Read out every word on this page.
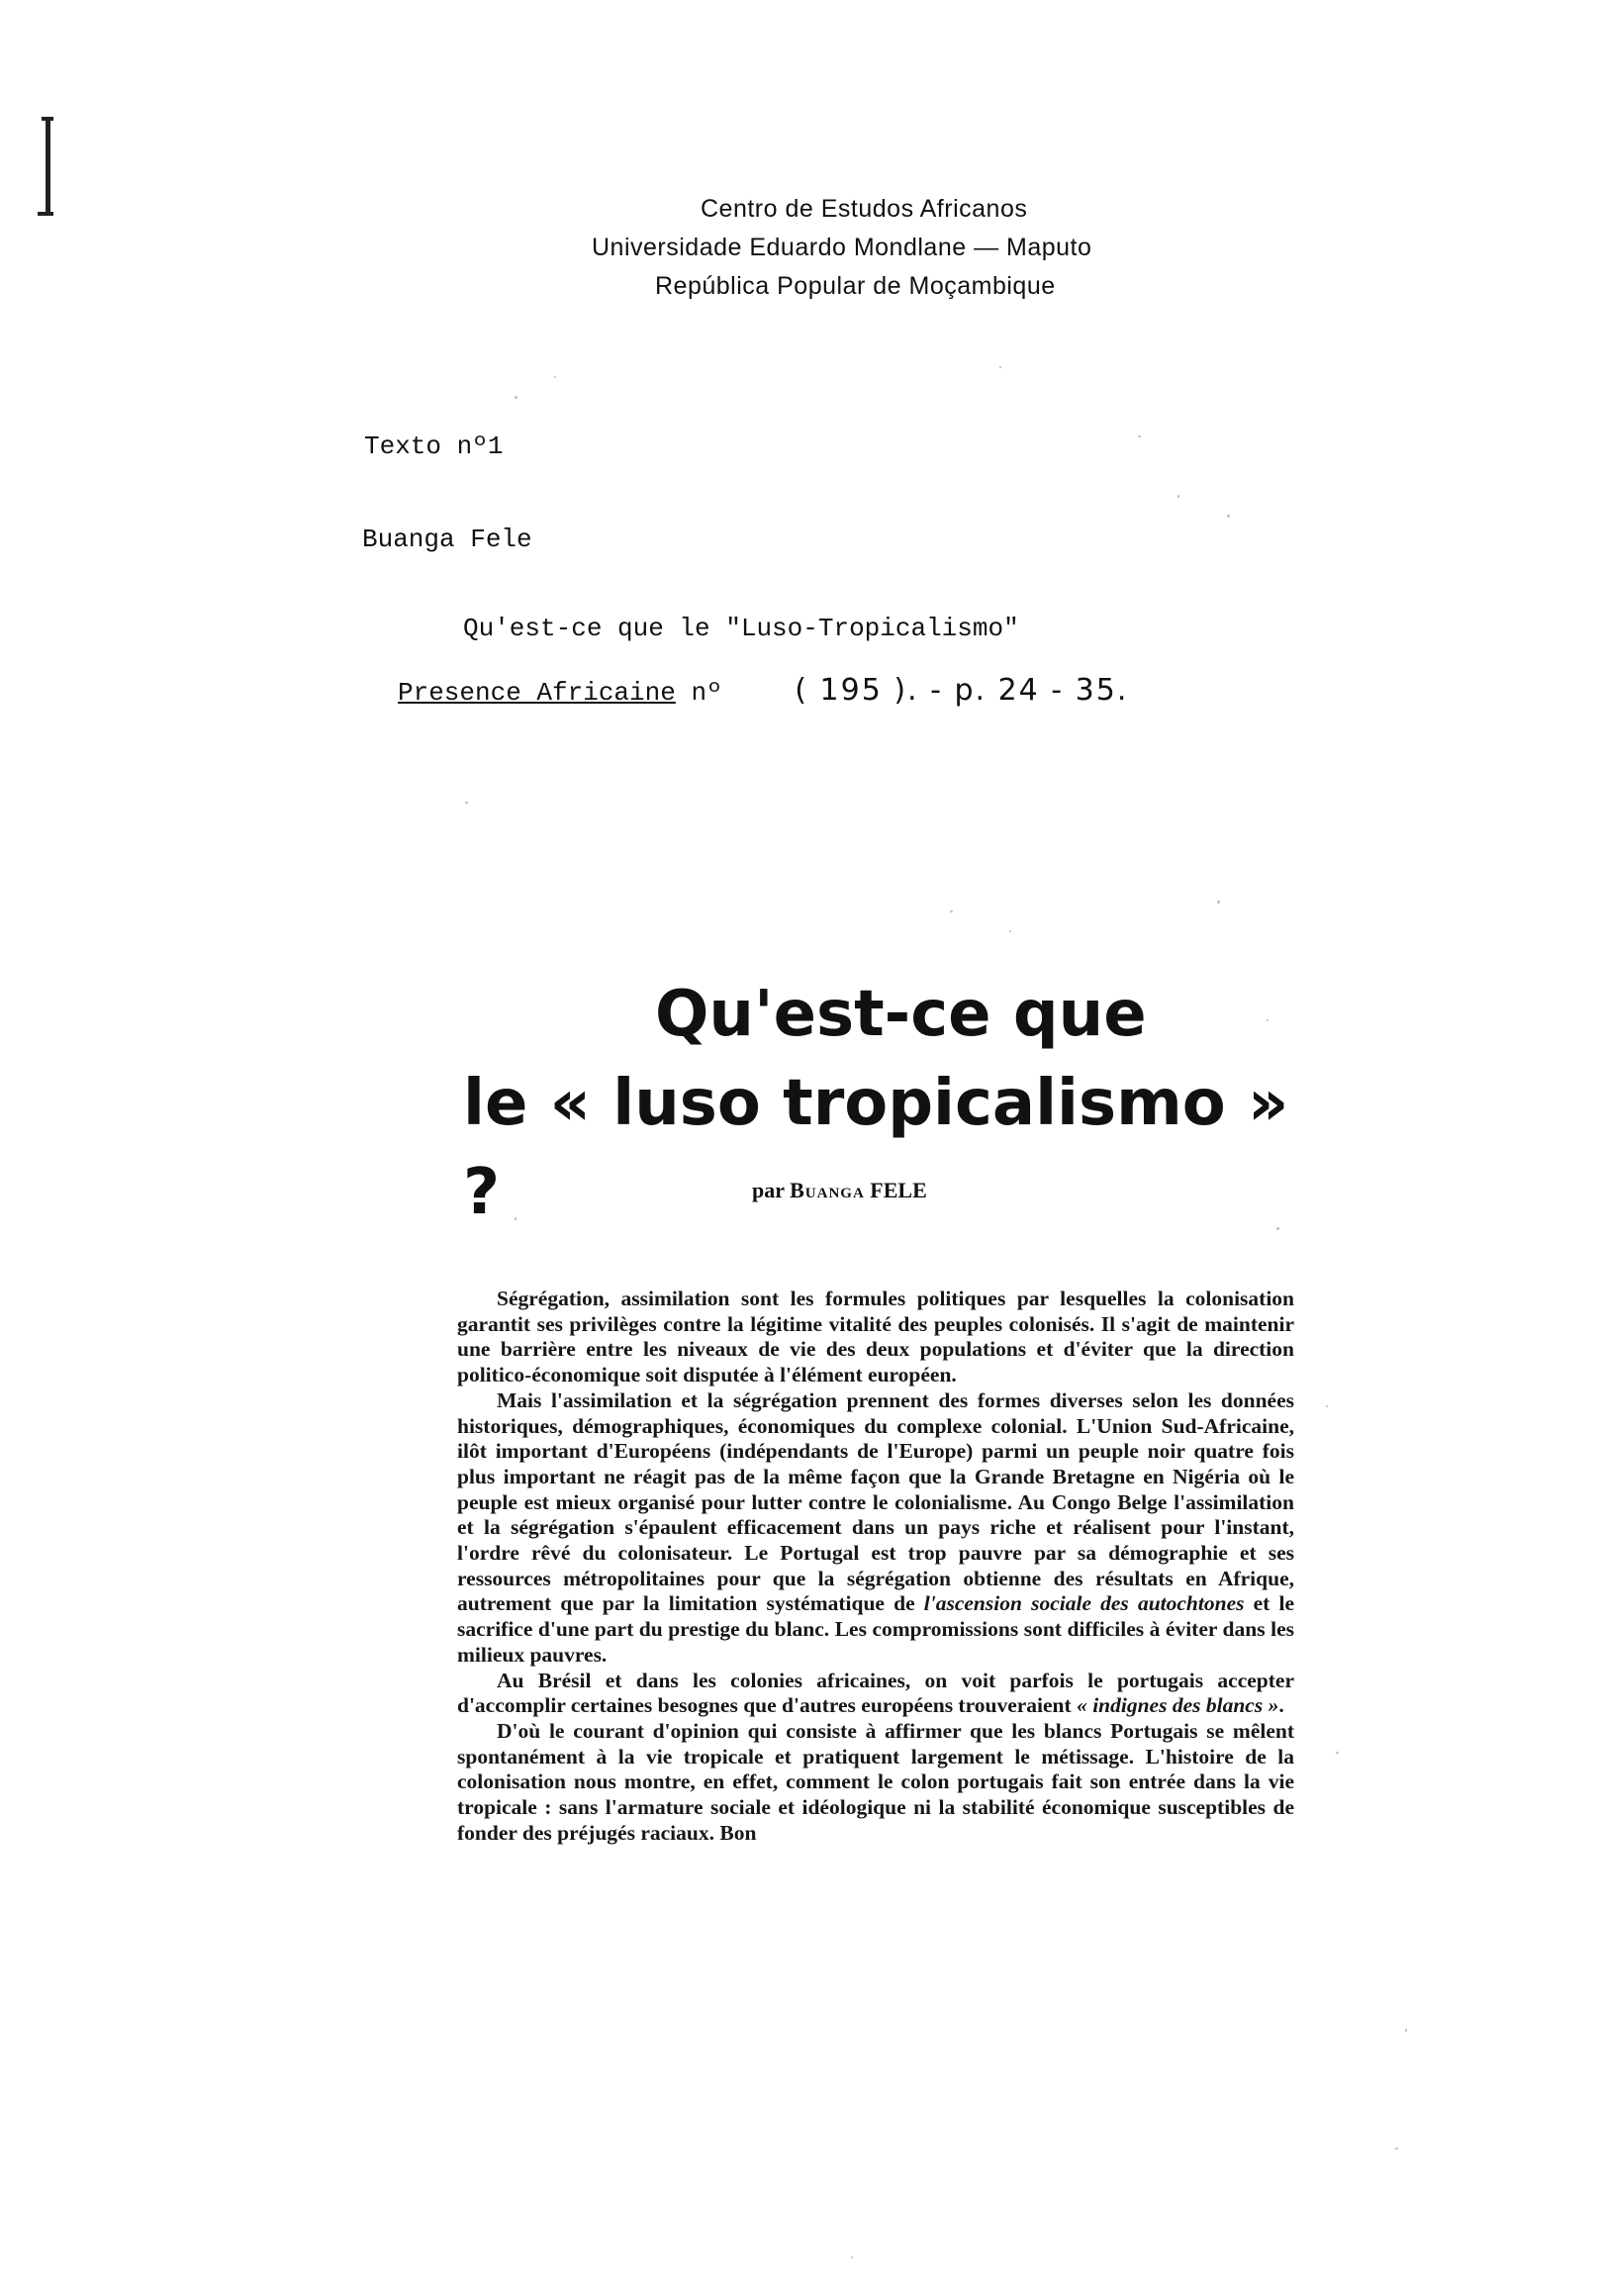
Centro de Estudos Africanos
Universidade Eduardo Mondlane — Maputo
República Popular de Moçambique
Texto nº1
Buanga Fele
Qu'est-ce que le "Luso-Tropicalismo"
Presence Africaine nº ( 195 ). - p. 24 - 35.
Qu'est-ce que
le « luso tropicalismo » ?	par Buanga FELE

Ségrégation, assimilation sont les formules politiques par lesquelles la colonisation garantit ses privilèges contre la légitime vitalité des peuples colonisés. Il s'agit de maintenir une barrière entre les niveaux de vie des deux populations et d'éviter que la direction politico-économique soit disputée à l'élément européen.

Mais l'assimilation et la ségrégation prennent des formes diverses selon les données historiques, démographiques, économiques du complexe colonial. L'Union Sud-Africaine, ilôt important d'Européens (indépendants de l'Europe) parmi un peuple noir quatre fois plus important ne réagit pas de la même façon que la Grande Bretagne en Nigéria où le peuple est mieux organisé pour lutter contre le colonialisme. Au Congo Belge l'assimilation et la ségrégation s'épaulent efficacement dans un pays riche et réalisent pour l'instant, l'ordre rêvé du colonisateur. Le Portugal est trop pauvre par sa démographie et ses ressources métropolitaines pour que la ségrégation obtienne des résultats en Afrique, autrement que par la limitation systématique de l'ascension sociale des autochtones et le sacrifice d'une part du prestige du blanc. Les compromissions sont difficiles à éviter dans les milieux pauvres.

Au Brésil et dans les colonies africaines, on voit parfois le portugais accepter d'accomplir certaines besognes que d'autres européens trouveraient « indignes des blancs ».

D'où le courant d'opinion qui consiste à affirmer que les blancs Portugais se mêlent spontanément à la vie tropicale et pratiquent largement le métissage. L'histoire de la colonisation nous montre, en effet, comment le colon portugais fait son entrée dans la vie tropicale : sans l'armature sociale et idéologique ni la stabilité économique susceptibles de fonder des préjugés raciaux. Bon
